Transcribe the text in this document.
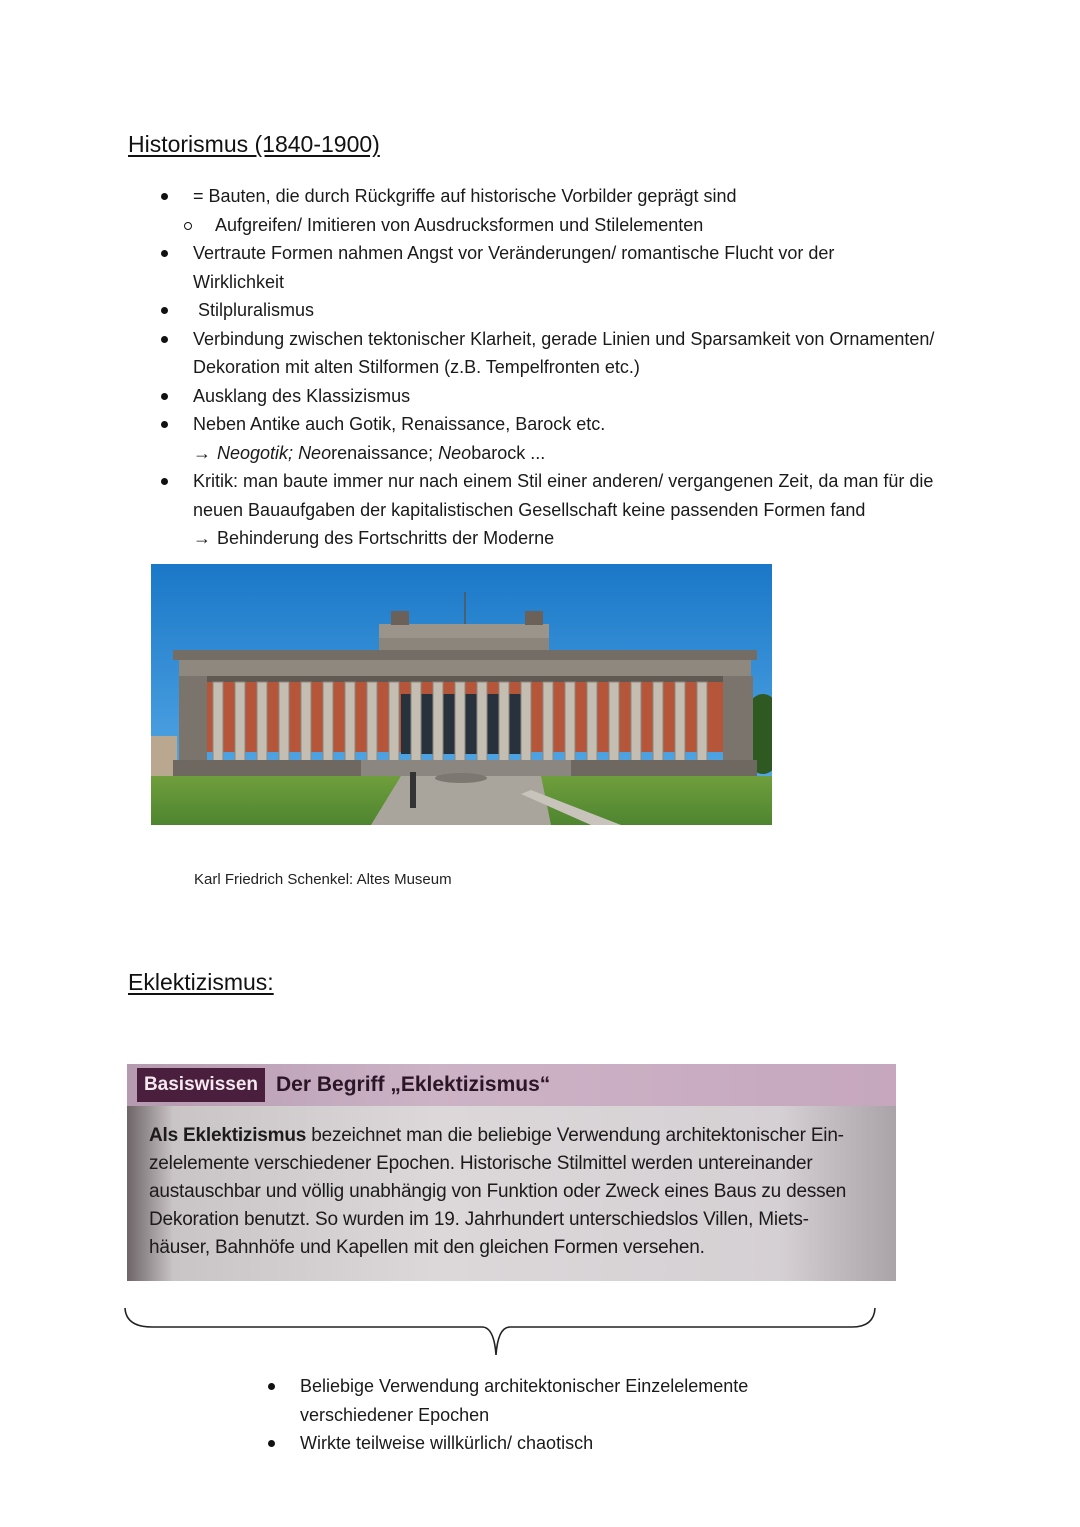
Historismus (1840-1900)
= Bauten, die durch Rückgriffe auf historische Vorbilder geprägt sind
Aufgreifen/ Imitieren von Ausdrucksformen und Stilelementen
Vertraute Formen nahmen Angst vor Veränderungen/ romantische Flucht vor der
Wirklichkeit
Stilpluralismus
Verbindung zwischen tektonischer Klarheit, gerade Linien und Sparsamkeit von Ornamenten/
Dekoration mit alten Stilformen (z.B. Tempelfronten etc.)
Ausklang des Klassizismus
Neben Antike auch Gotik, Renaissance, Barock etc.
→ Neogotik; Neorenaissance; Neobarock ...
Kritik: man baute immer nur nach einem Stil einer anderen/ vergangenen Zeit, da man für die
neuen Bauaufgaben der kapitalistischen Gesellschaft keine passenden Formen fand
→ Behinderung des Fortschritts der Moderne
Karl Friedrich Schenkel: Altes Museum
Eklektizismus:
Basiswissen Der Begriff „Eklektizismus“

Als Eklektizismus bezeichnet man die beliebige Verwendung architektonischer Ein-

zelelemente verschiedener Epochen. Historische Stilmittel werden untereinander

austauschbar und völlig unabhängig von Funktion oder Zweck eines Baus zu dessen

Dekoration benutzt. So wurden im 19. Jahrhundert unterschiedslos Villen, Miets-

häuser, Bahnhöfe und Kapellen mit den gleichen Formen versehen.

Beliebige Verwendung architektonischer Einzelelemente
verschiedener Epochen
Wirkte teilweise willkürlich/ chaotisch
